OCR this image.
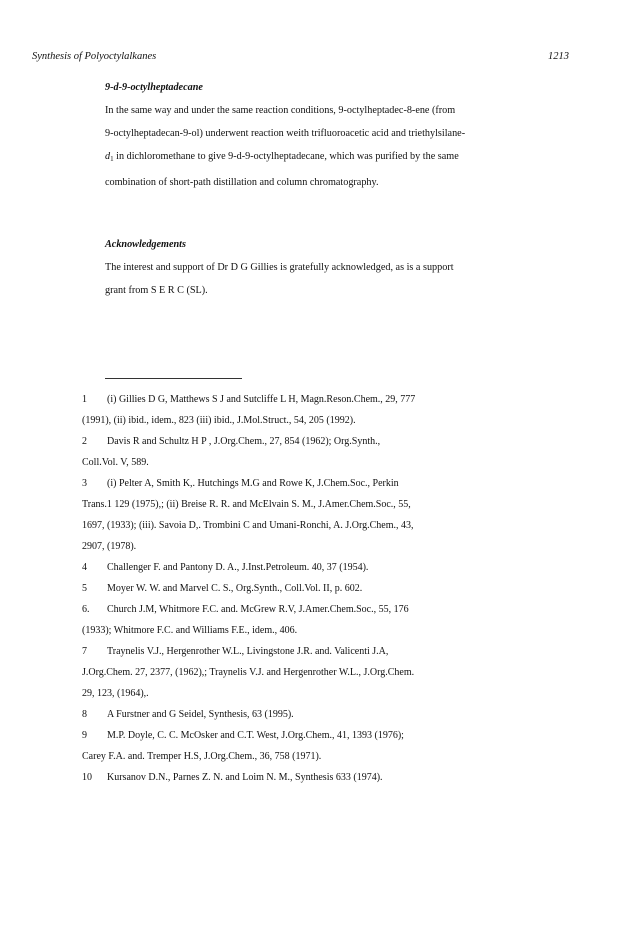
Synthesis of Polyoctylalkanes	1213
9-d-9-octylheptadecane

In the same way and under the same reaction conditions, 9-octylheptadec-8-ene (from

9-octylheptadecan-9-ol) underwent reaction weith trifluoroacetic acid and triethylsilane-

$d_1$ in dichloromethane to give 9-d-9-octylheptadecane, which was purified by the same

combination of short-path distillation and column chromatography.

Acknowledgements

The interest and support of Dr D G Gillies is gratefully acknowledged, as is a support

grant from S E R C (SL).

1 (i) Gillies D G, Matthews S J and Sutcliffe L H, Magn.Reson.Chem., 29, 777
(1991), (ii) ibid., idem., 823 (iii) ibid., J.Mol.Struct., 54, 205 (1992).
2 Davis R and Schultz H P , J.Org.Chem., 27, 854 (1962); Org.Synth.,
Coll.Vol. V, 589.
3 (i) Pelter A, Smith K,. Hutchings M.G and Rowe K, J.Chem.Soc., Perkin
Trans.1 129 (1975),; (ii) Breise R. R. and McElvain S. M., J.Amer.Chem.Soc., 55,
1697, (1933); (iii). Savoia D,. Trombini C and Umani-Ronchi, A. J.Org.Chem., 43,
2907, (1978).
4 Challenger F. and Pantony D. A., J.Inst.Petroleum. 40, 37 (1954).
5 Moyer W. W. and Marvel C. S., Org.Synth., Coll.Vol. II, p. 602.
6. Church J.M, Whitmore F.C. and. McGrew R.V, J.Amer.Chem.Soc., 55, 176
(1933); Whitmore F.C. and Williams F.E., idem., 406.
7 Traynelis V.J., Hergenrother W.L., Livingstone J.R. and. Valicenti J.A,
J.Org.Chem. 27, 2377, (1962),; Traynelis V.J. and Hergenrother W.L., J.Org.Chem.
29, 123, (1964),.
8 A Furstner and G Seidel, Synthesis, 63 (1995).
9 M.P. Doyle, C. C. McOsker and C.T. West, J.Org.Chem., 41, 1393 (1976);
Carey F.A. and. Tremper H.S, J.Org.Chem., 36, 758 (1971).
10 Kursanov D.N., Parnes Z. N. and Loim N. M., Synthesis 633 (1974).
